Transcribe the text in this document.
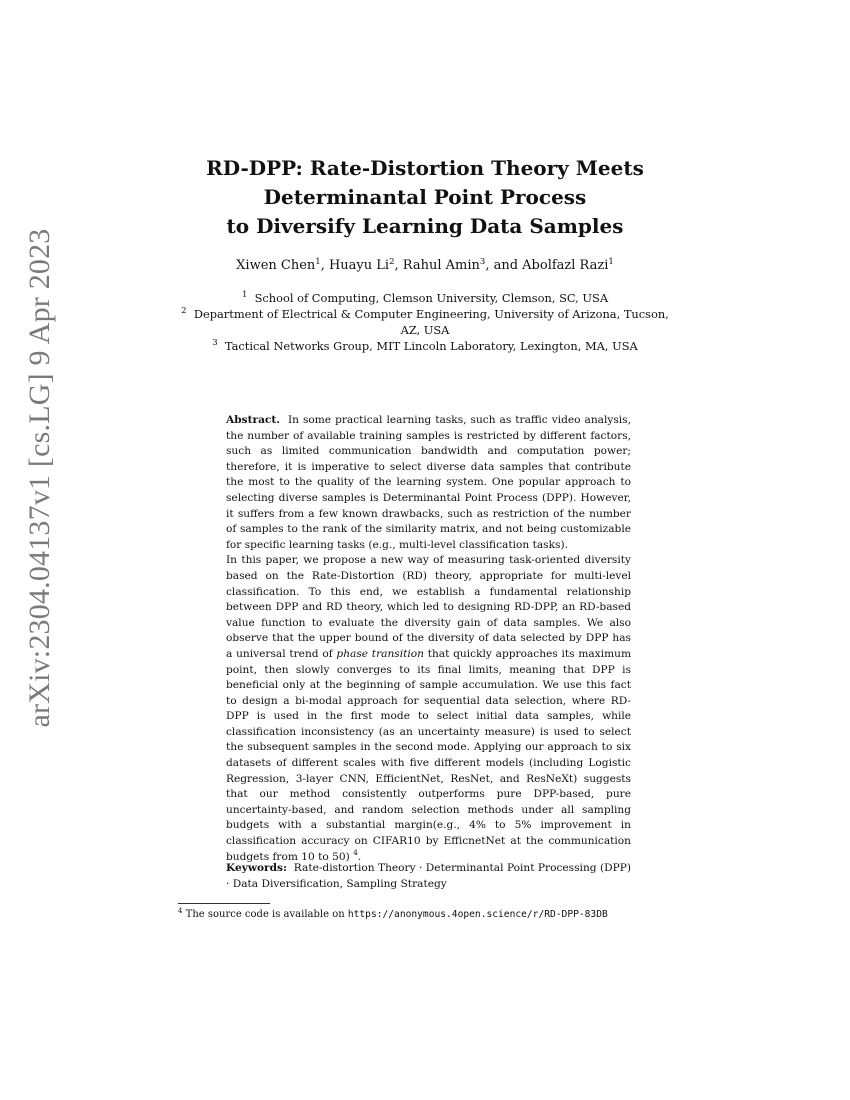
arXiv:2304.04137v1 [cs.LG] 9 Apr 2023
RD-DPP: Rate-Distortion Theory Meets
Determinantal Point Process
to Diversify Learning Data Samples
Xiwen Chen$^1$, Huayu Li$^2$, Rahul Amin$^3$, and Abolfazl Razi$^1$
$^1$ School of Computing, Clemson University, Clemson, SC, USA
$^2$ Department of Electrical & Computer Engineering, University of Arizona, Tucson, AZ, USA
$^3$ Tactical Networks Group, MIT Lincoln Laboratory, Lexington, MA, USA

Abstract. In some practical learning tasks, such as traffic video analysis, the number of available training samples is restricted by different factors, such as limited communication bandwidth and computation power; therefore, it is imperative to select diverse data samples that contribute the most to the quality of the learning system. One popular approach to selecting diverse samples is Determinantal Point Process (DPP). However, it suffers from a few known drawbacks, such as restriction of the number of samples to the rank of the similarity matrix, and not being customizable for specific learning tasks (e.g., multi-level classification tasks).

In this paper, we propose a new way of measuring task-oriented diversity based on the Rate-Distortion (RD) theory, appropriate for multi-level classification. To this end, we establish a fundamental relationship between DPP and RD theory, which led to designing RD-DPP, an RD-based value function to evaluate the diversity gain of data samples. We also observe that the upper bound of the diversity of data selected by DPP has a universal trend of phase transition that quickly approaches its maximum point, then slowly converges to its final limits, meaning that DPP is beneficial only at the beginning of sample accumulation. We use this fact to design a bi-modal approach for sequential data selection, where RD-DPP is used in the first mode to select initial data samples, while classification inconsistency (as an uncertainty measure) is used to select the subsequent samples in the second mode. Applying our approach to six datasets of different scales with five different models (including Logistic Regression, 3-layer CNN, EfficientNet, ResNet, and ResNeXt) suggests that our method consistently outperforms pure DPP-based, pure uncertainty-based, and random selection methods under all sampling budgets with a substantial margin(e.g., 4% to 5% improvement in classification accuracy on CIFAR10 by EfficnetNet at the communication budgets from 10 to 50) $^4$.

Keywords: Rate-distortion Theory · Determinantal Point Processing (DPP) · Data Diversification, Sampling Strategy
$^4$ The source code is available on https://anonymous.4open.science/r/RD-DPP-83DB
